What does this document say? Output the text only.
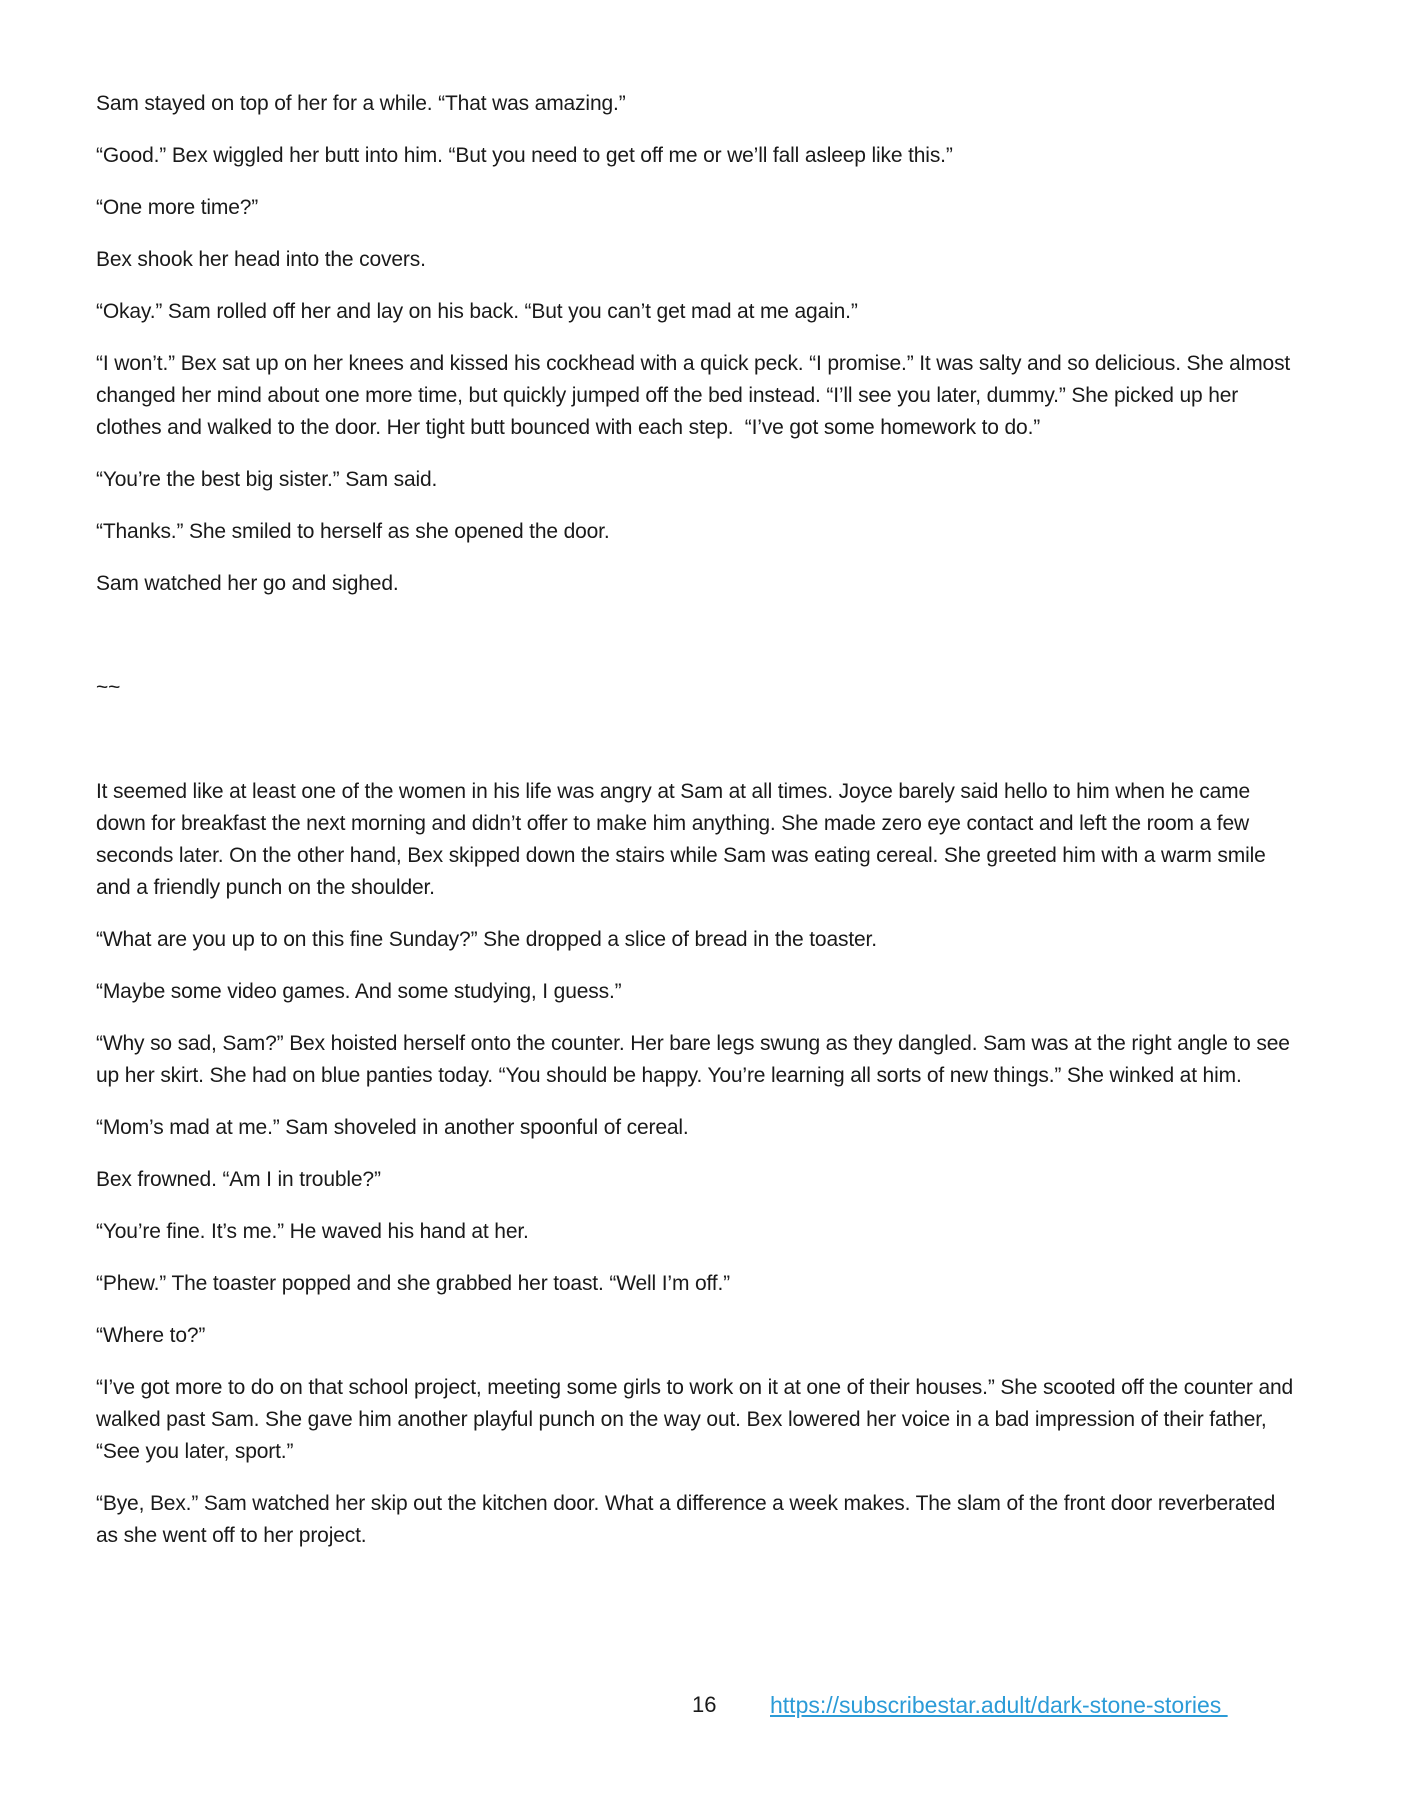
Sam stayed on top of her for a while. “That was amazing.”

“Good.” Bex wiggled her butt into him. “But you need to get off me or we’ll fall asleep like this.”

“One more time?”

Bex shook her head into the covers.

“Okay.” Sam rolled off her and lay on his back. “But you can’t get mad at me again.”

“I won’t.” Bex sat up on her knees and kissed his cockhead with a quick peck. “I promise.” It was salty and so delicious. She almost changed her mind about one more time, but quickly jumped off the bed instead. “I’ll see you later, dummy.” She picked up her clothes and walked to the door. Her tight butt bounced with each step.  “I’ve got some homework to do.”

“You’re the best big sister.” Sam said.

“Thanks.” She smiled to herself as she opened the door.

Sam watched her go and sighed.

~~

It seemed like at least one of the women in his life was angry at Sam at all times. Joyce barely said hello to him when he came down for breakfast the next morning and didn’t offer to make him anything. She made zero eye contact and left the room a few seconds later. On the other hand, Bex skipped down the stairs while Sam was eating cereal. She greeted him with a warm smile and a friendly punch on the shoulder.

“What are you up to on this fine Sunday?” She dropped a slice of bread in the toaster.

“Maybe some video games. And some studying, I guess.”

“Why so sad, Sam?” Bex hoisted herself onto the counter. Her bare legs swung as they dangled. Sam was at the right angle to see up her skirt. She had on blue panties today. “You should be happy. You’re learning all sorts of new things.” She winked at him.

“Mom’s mad at me.” Sam shoveled in another spoonful of cereal.

Bex frowned. “Am I in trouble?”

“You’re fine. It’s me.” He waved his hand at her.

“Phew.” The toaster popped and she grabbed her toast. “Well I’m off.”

“Where to?”

“I’ve got more to do on that school project, meeting some girls to work on it at one of their houses.” She scooted off the counter and walked past Sam. She gave him another playful punch on the way out. Bex lowered her voice in a bad impression of their father, “See you later, sport.”

“Bye, Bex.” Sam watched her skip out the kitchen door. What a difference a week makes. The slam of the front door reverberated as she went off to her project.

16 https://subscribestar.adult/dark-stone-stories
